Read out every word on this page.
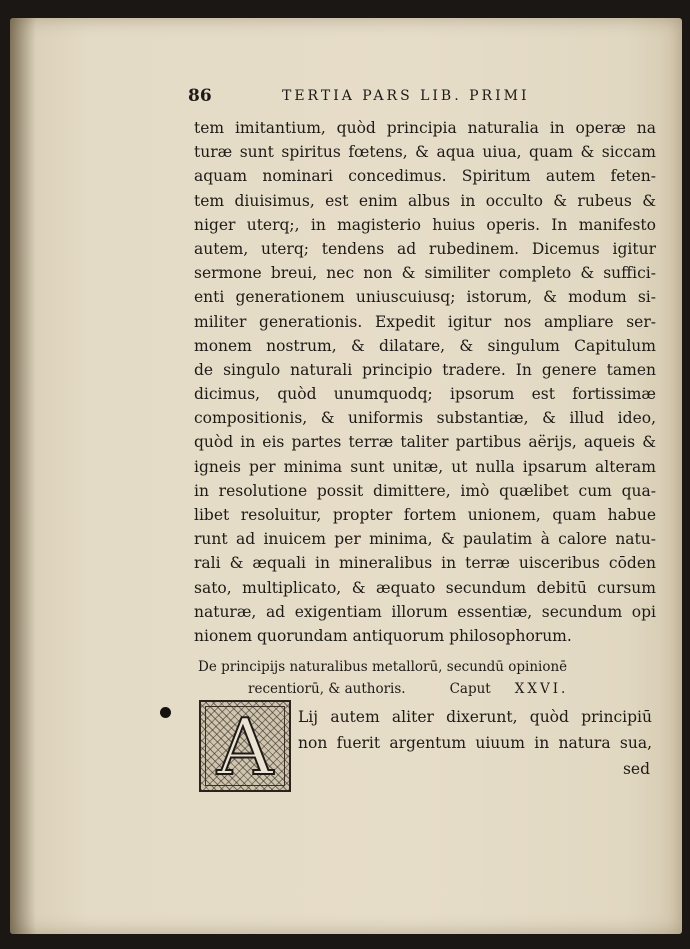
86	TERTIA PARS LIB. PRIMI
tem imitantium, quòd principia naturalia in operæ na
turæ sunt spiritus fœtens, & aqua uiua, quam & siccam
aquam nominari concedimus. Spiritum autem feten-
tem diuisimus, est enim albus in occulto & rubeus &
niger uterq;, in magisterio huius operis. In manifesto
autem, uterq; tendens ad rubedinem. Dicemus igitur
sermone breui, nec non & similiter completo & suffici-
enti generationem uniuscuiusq; istorum, & modum si-
militer generationis. Expedit igitur nos ampliare ser-
monem nostrum, & dilatare, & singulum Capitulum
de singulo naturali principio tradere. In genere tamen
dicimus, quòd unumquodq; ipsorum est fortissimæ
compositionis, & uniformis substantiæ, & illud ideo,
quòd in eis partes terræ taliter partibus aërijs, aqueis &
igneis per minima sunt unitæ, ut nulla ipsarum alteram
in resolutione possit dimittere, imò quælibet cum qua-
libet resoluitur, propter fortem unionem, quam habue
runt ad inuicem per minima, & paulatim à calore natu-
rali & æquali in mineralibus in terræ uisceribus cōden
sato, multiplicato, & æquato secundum debitū cursum
naturæ, ad exigentiam illorum essentiæ, secundum opi
nionem quorundam antiquorum philosophorum.
De principijs naturalibus metallorū, secundū opinionē
recentiorū, & authoris.	Caput XXVI.
A	Lij autem aliter dixerunt, quòd principiū
non fuerit argentum uiuum in natura sua,
sed
